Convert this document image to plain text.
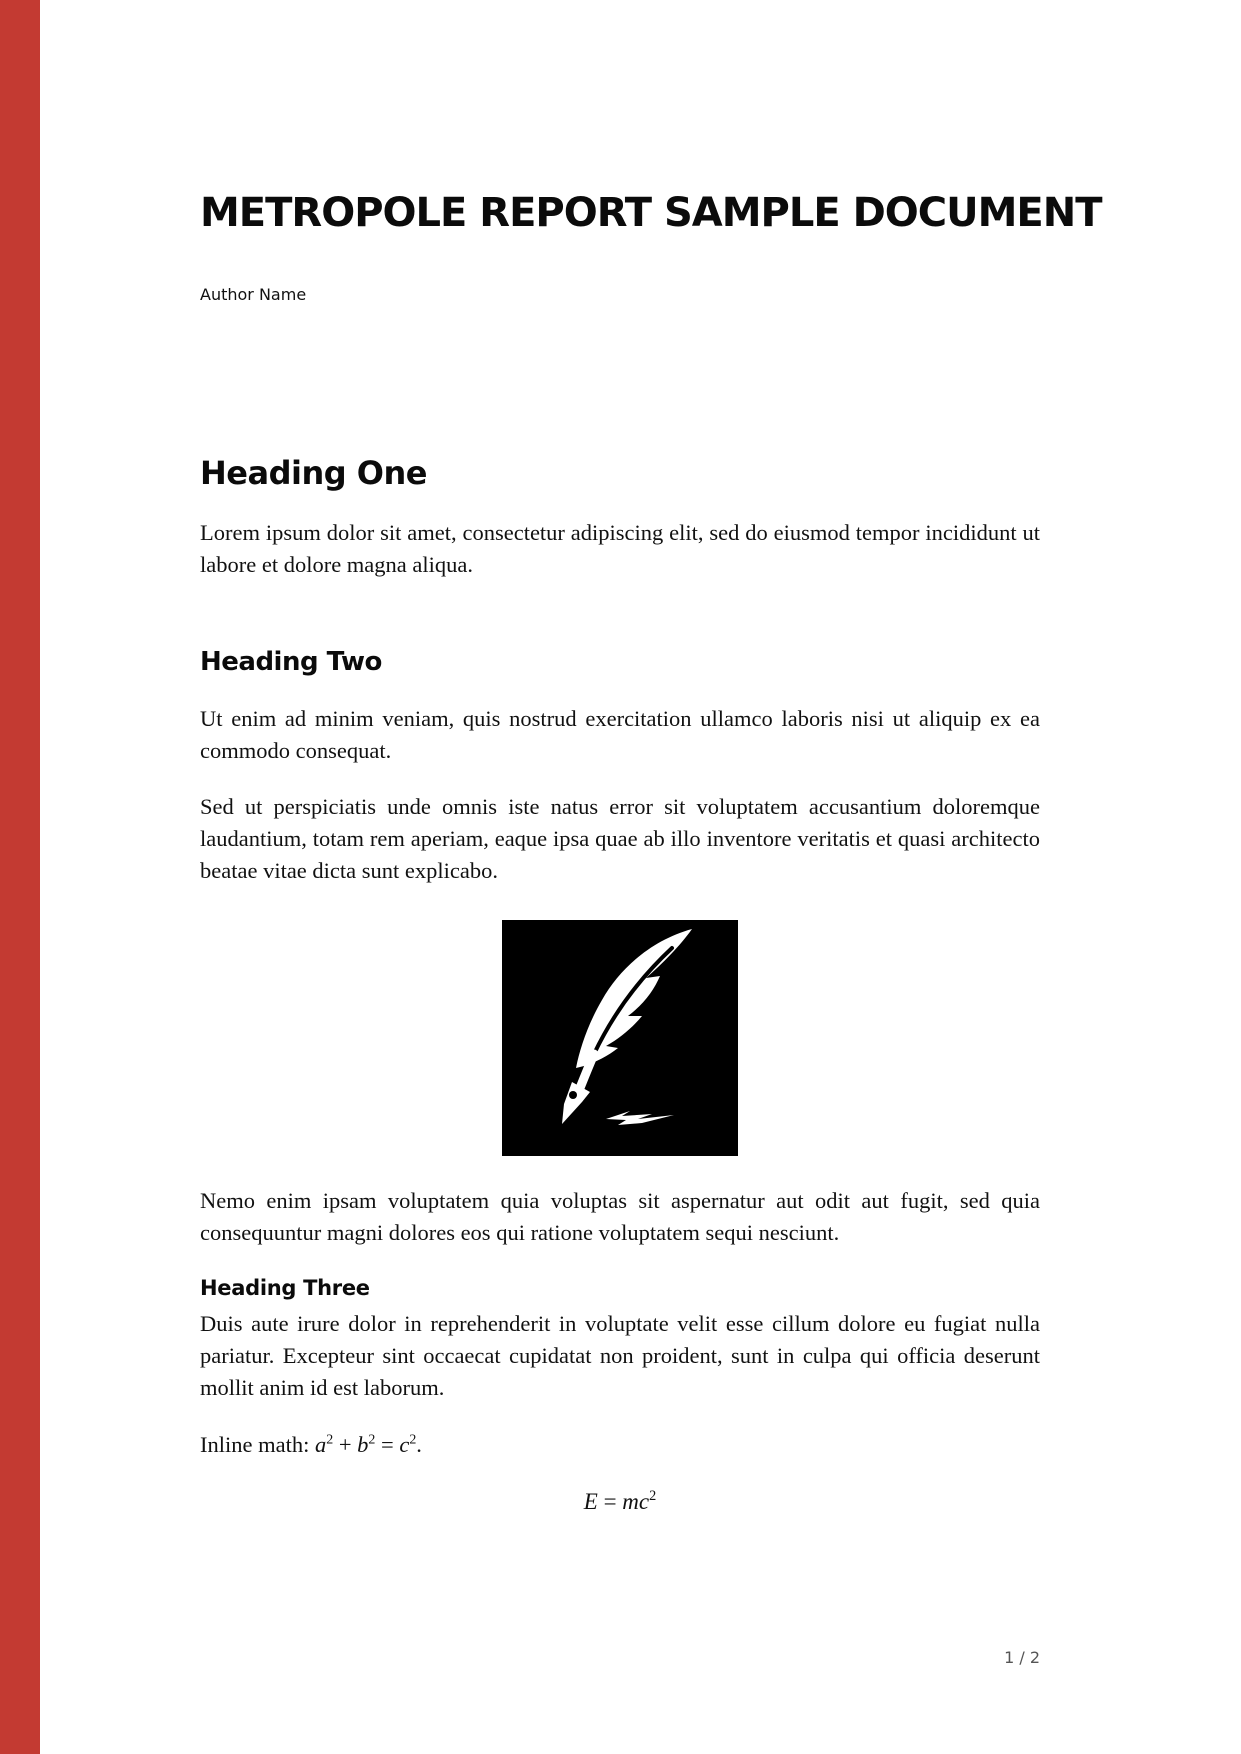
METROPOLE REPORT SAMPLE DOCUMENT
Author Name
Heading One

Lorem ipsum dolor sit amet, consectetur adipiscing elit, sed do eiusmod tempor incididunt ut labore et dolore magna aliqua.

Heading Two

Ut enim ad minim veniam, quis nostrud exercitation ullamco laboris nisi ut aliquip ex ea commodo consequat.

Sed ut perspiciatis unde omnis iste natus error sit voluptatem accusantium doloremque laudantium, totam rem aperiam, eaque ipsa quae ab illo inventore veritatis et quasi architecto beatae vitae dicta sunt explicabo.

Nemo enim ipsam voluptatem quia voluptas sit aspernatur aut odit aut fugit, sed quia consequuntur magni dolores eos qui ratione voluptatem sequi nesciunt.

Heading Three

Duis aute irure dolor in reprehenderit in voluptate velit esse cillum dolore eu fugiat nulla pariatur. Excepteur sint occaecat cupidatat non proident, sunt in culpa qui officia deserunt mollit anim id est laborum.

Inline math: $a^2 + b^2 = c^2$.

$E = mc^2$
1 / 2
